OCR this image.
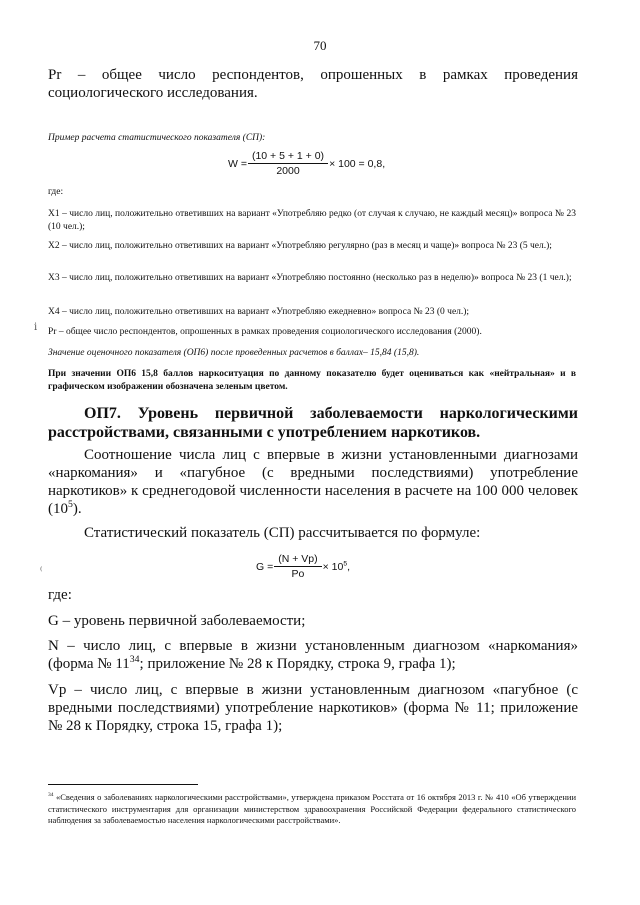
70
Pr – общее число респондентов, опрошенных в рамках проведения социологического исследования.
Пример расчета статистического показателя (СП):
$W = \frac{(10 + 5 + 1 + 0)}{2000} \times 100 = 0,8$,
где:
X1 – число лиц, положительно ответивших на вариант «Употребляю редко (от случая к случаю, не каждый месяц)» вопроса № 23 (10 чел.);
X2 – число лиц, положительно ответивших на вариант «Употребляю регулярно (раз в месяц и чаще)» вопроса № 23 (5 чел.);
X3 – число лиц, положительно ответивших на вариант «Употребляю постоянно (несколько раз в неделю)» вопроса № 23 (1 чел.);
X4 – число лиц, положительно ответивших на вариант «Употребляю ежедневно» вопроса № 23 (0 чел.);
Pr – общее число респондентов, опрошенных в рамках проведения социологического исследования (2000).
Значение оценочного показателя (ОП6) после проведенных расчетов в баллах– 15,84 (15,8).
При значении ОП6 15,8 баллов наркоситуация по данному показателю будет оцениваться как «нейтральная» и в графическом изображении обозначена зеленым цветом.
ⅰ
ОП7. Уровень первичной заболеваемости наркологическими расстройствами, связанными с употреблением наркотиков.
Соотношение числа лиц с впервые в жизни установленными диагнозами «наркомания» и «пагубное (с вредными последствиями) употребление наркотиков» к среднегодовой численности населения в расчете на 100 000 человек $(10^5)$.
Статистический показатель (СП) рассчитывается по формуле:
$G = \frac{(N + Vp)}{Po} \times 10^5$,
⁽
где:
G – уровень первичной заболеваемости;
N – число лиц, с впервые в жизни установленным диагнозом «наркомания» (форма № $11^{34}$; приложение № 28 к Порядку, строка 9, графа 1);
Vp – число лиц, с впервые в жизни установленным диагнозом «пагубное (с вредными последствиями) употребление наркотиков» (форма № 11; приложение № 28 к Порядку, строка 15, графа 1);
$^{34}$ «Сведения о заболеваниях наркологическими расстройствами», утверждена приказом Росстата от 16 октября 2013 г. № 410 «Об утверждении статистического инструментария для организации министерством здравоохранения Российской Федерации федерального статистического наблюдения за заболеваемостью населения наркологическими расстройствами».
